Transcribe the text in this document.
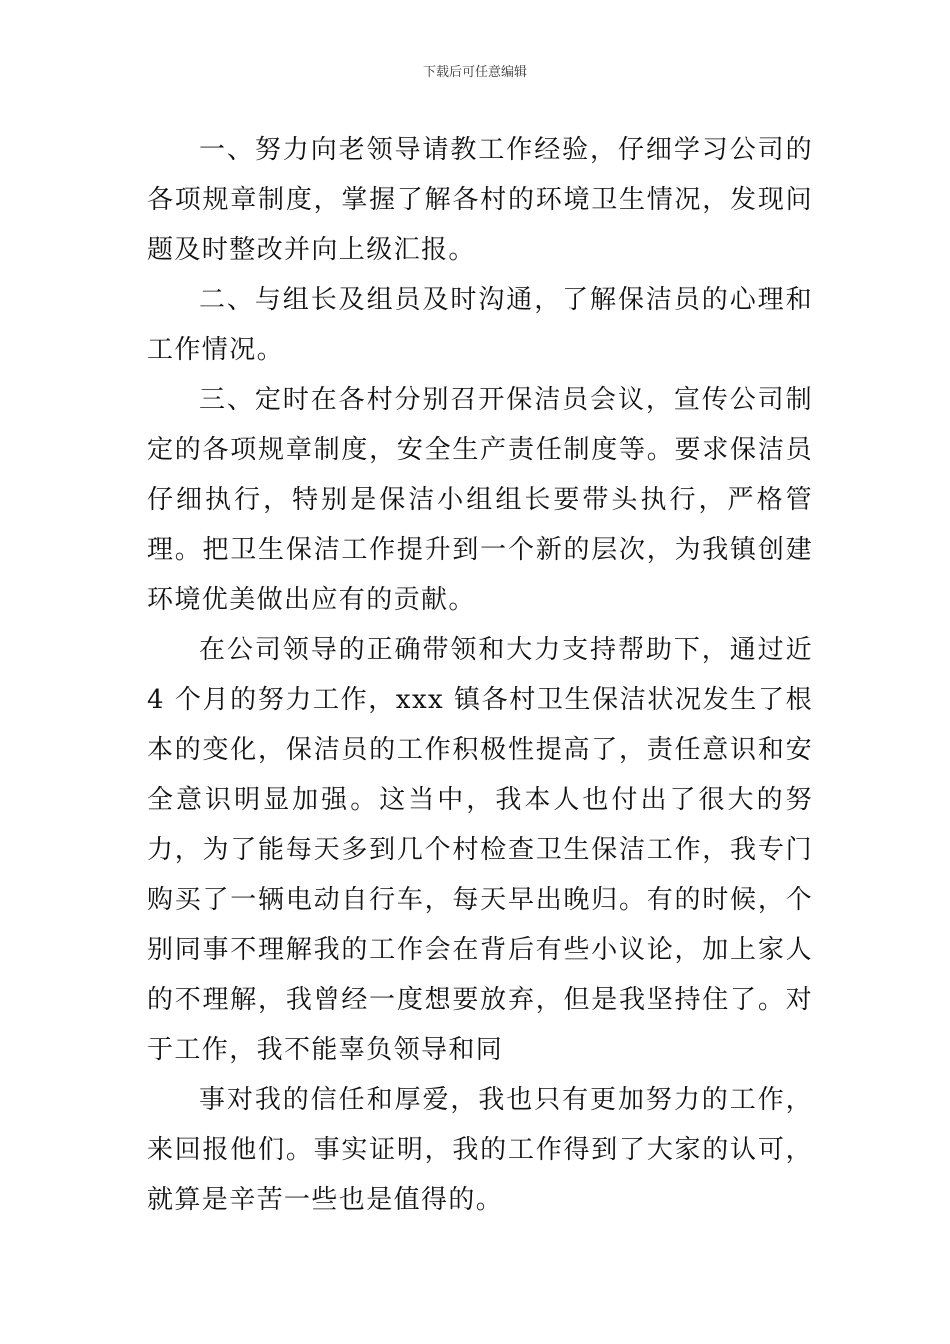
下载后可任意编辑

一、努力向老领导请教工作经验，仔细学习公司的各项规章制度，掌握了解各村的环境卫生情况，发现问题及时整改并向上级汇报。

二、与组长及组员及时沟通，了解保洁员的心理和工作情况。

三、定时在各村分别召开保洁员会议，宣传公司制定的各项规章制度，安全生产责任制度等。要求保洁员仔细执行，特别是保洁小组组长要带头执行，严格管理。把卫生保洁工作提升到一个新的层次，为我镇创建环境优美做出应有的贡献。

在公司领导的正确带领和大力支持帮助下，通过近 4 个月的努力工作，xxx 镇各村卫生保洁状况发生了根本的变化，保洁员的工作积极性提高了，责任意识和安全意识明显加强。这当中，我本人也付出了很大的努力，为了能每天多到几个村检查卫生保洁工作，我专门购买了一辆电动自行车，每天早出晚归。有的时候，个别同事不理解我的工作会在背后有些小议论，加上家人的不理解，我曾经一度想要放弃，但是我坚持住了。对于工作，我不能辜负领导和同

事对我的信任和厚爱，我也只有更加努力的工作，来回报他们。事实证明，我的工作得到了大家的认可，就算是辛苦一些也是值得的。
